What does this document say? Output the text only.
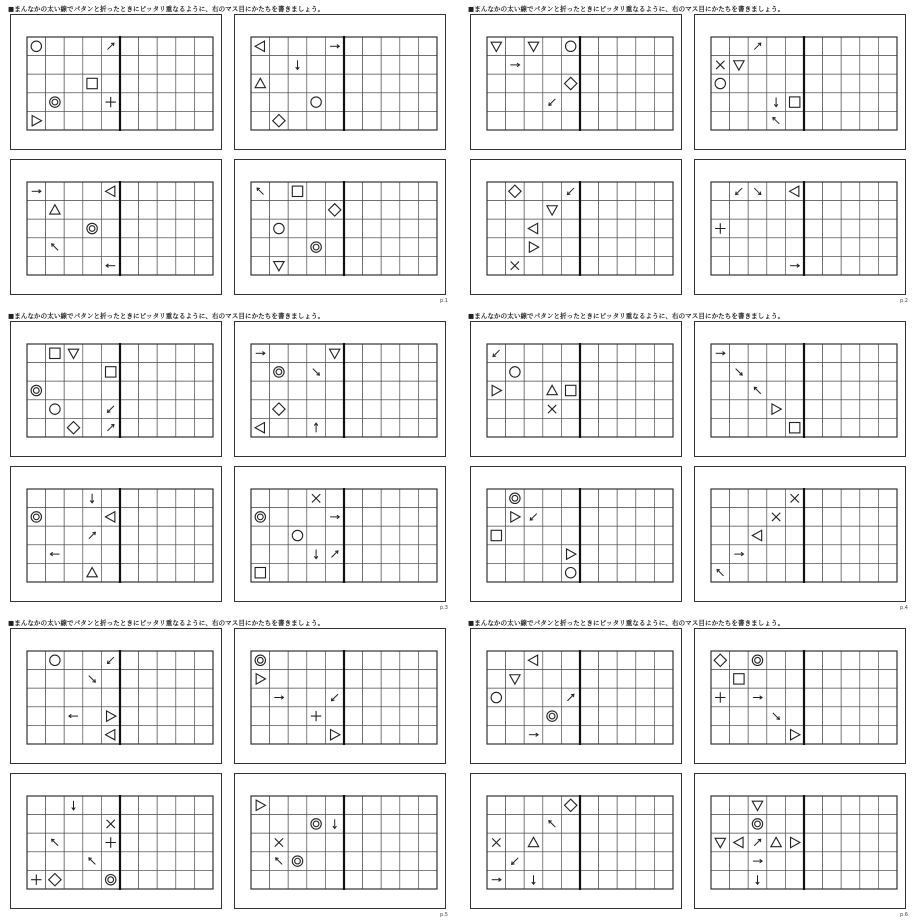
■まんなかの太い線でパタンと折ったときにピッタリ重なるように、右のマス目にかたちを書きましょう。
p.1
■まんなかの太い線でパタンと折ったときにピッタリ重なるように、右のマス目にかたちを書きましょう。
p.2
■まんなかの太い線でパタンと折ったときにピッタリ重なるように、右のマス目にかたちを書きましょう。
p.3
■まんなかの太い線でパタンと折ったときにピッタリ重なるように、右のマス目にかたちを書きましょう。
p.4
■まんなかの太い線でパタンと折ったときにピッタリ重なるように、右のマス目にかたちを書きましょう。
p.5
■まんなかの太い線でパタンと折ったときにピッタリ重なるように、右のマス目にかたちを書きましょう。
p.6
